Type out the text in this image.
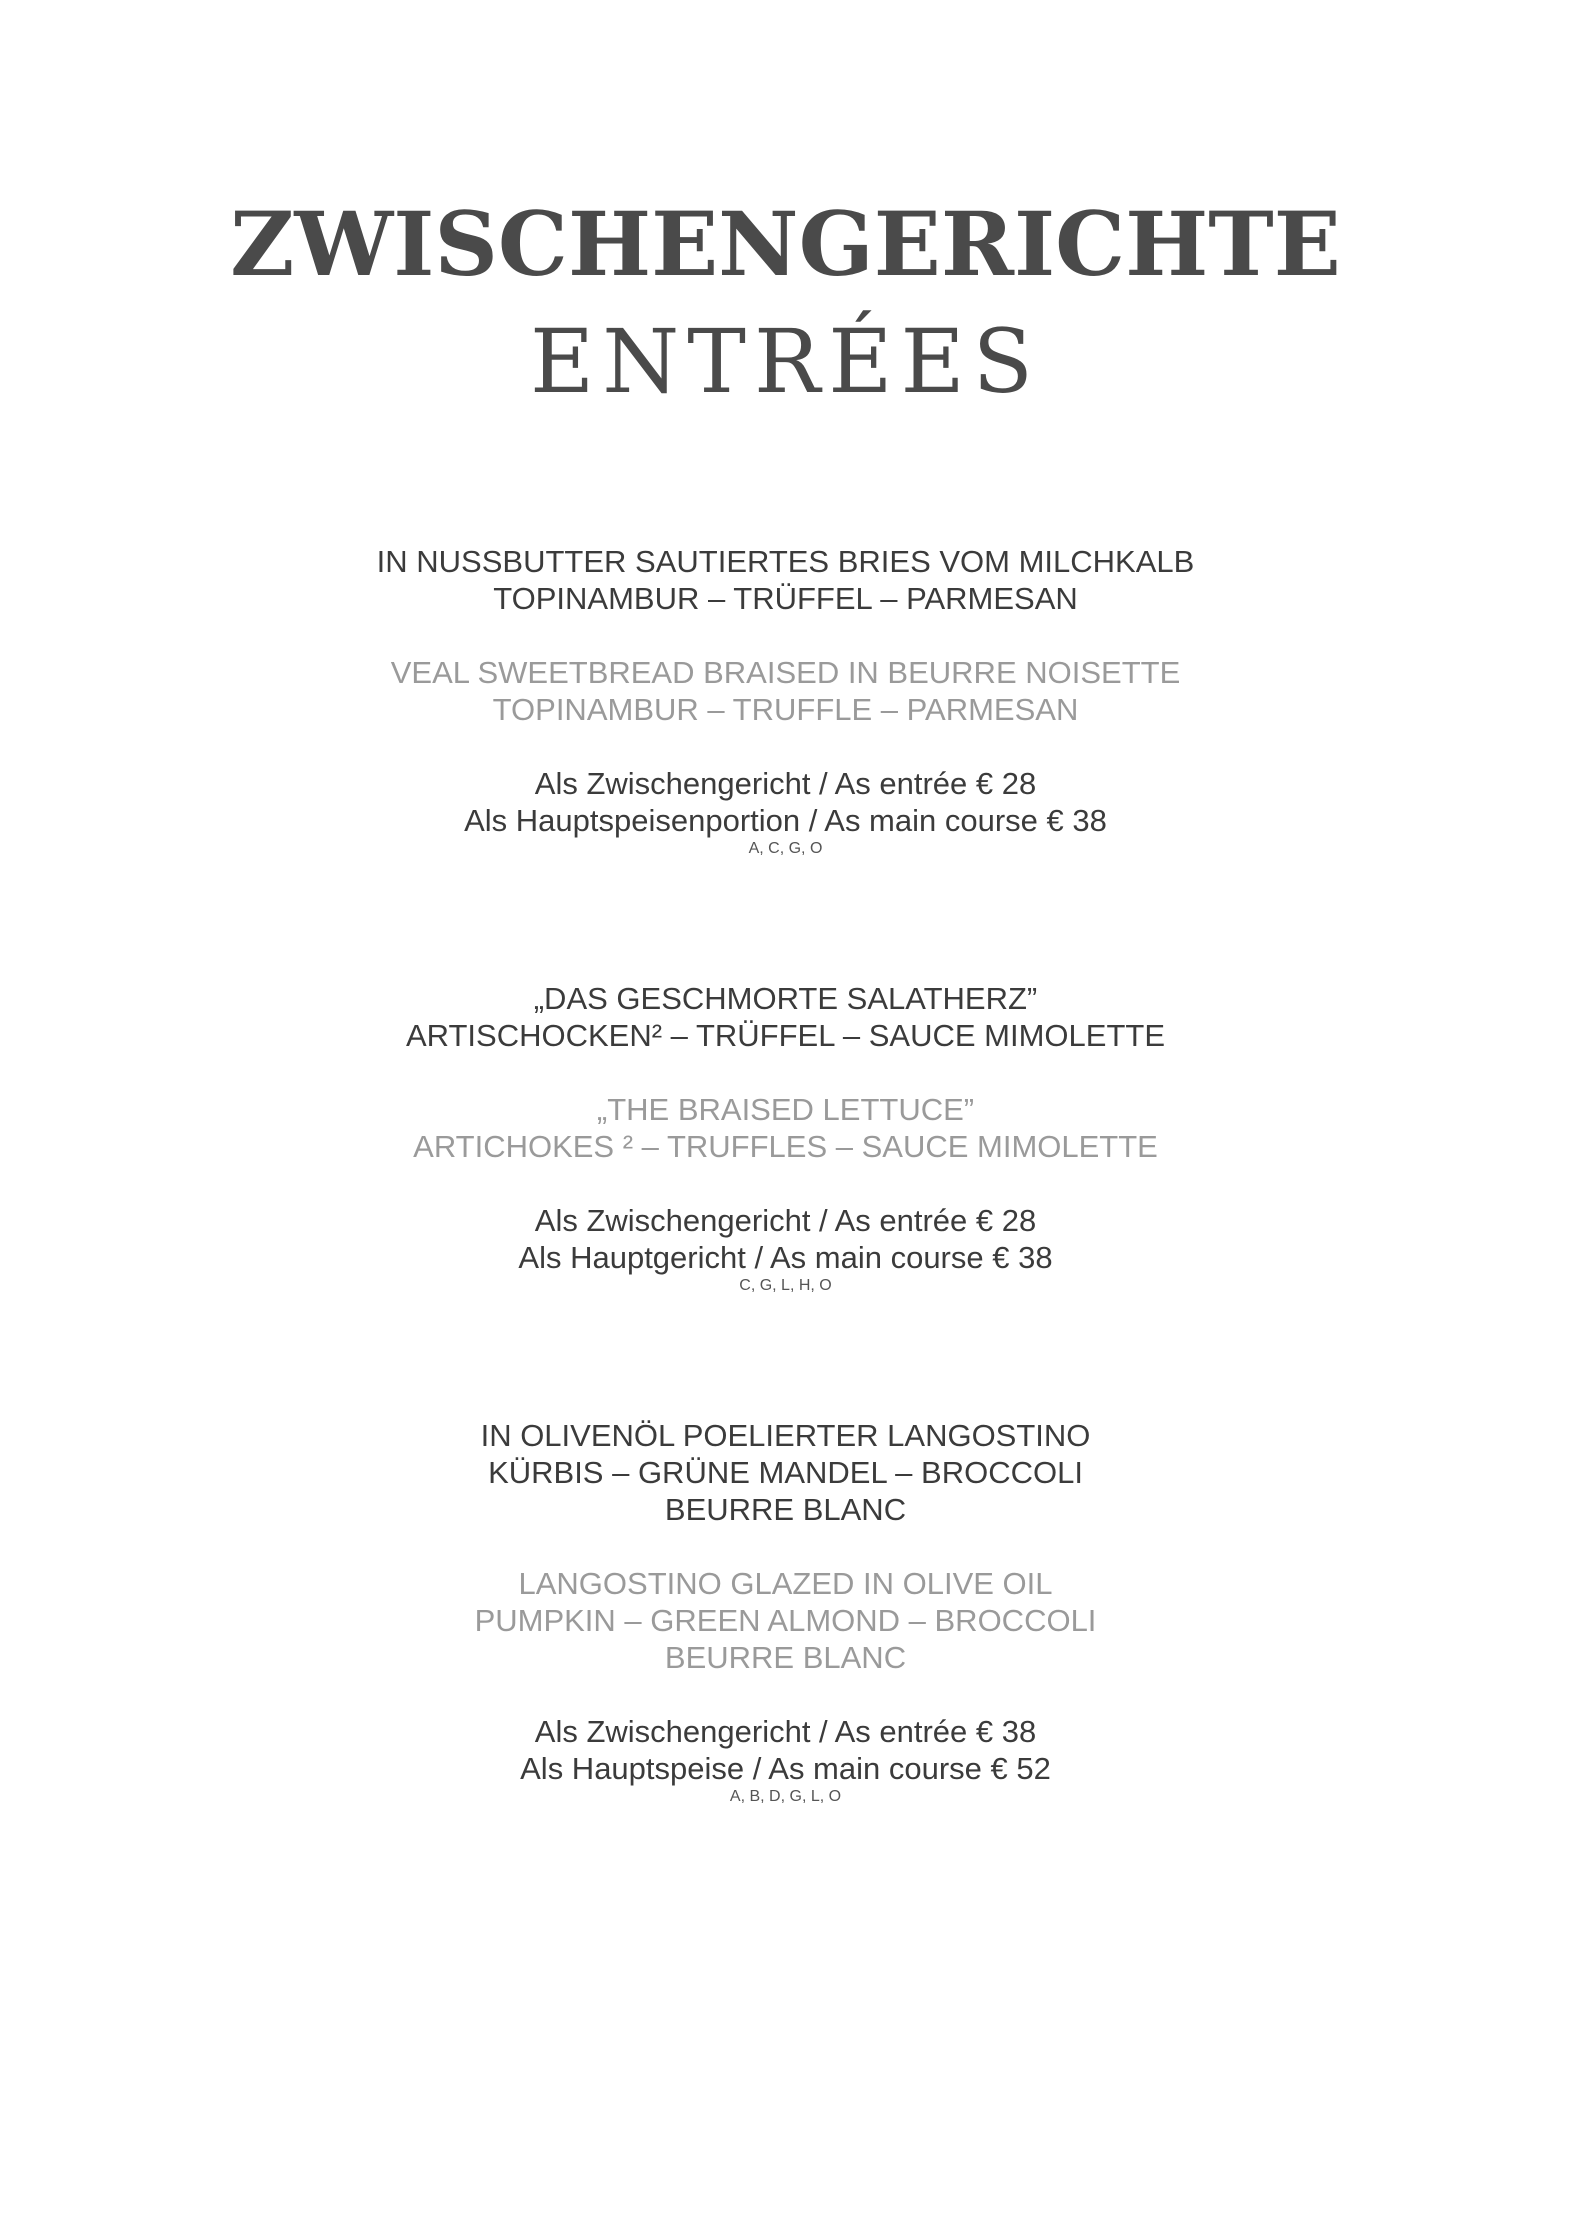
ZWISCHENGERICHTE
ENTRÉES
IN NUSSBUTTER SAUTIERTES BRIES VOM MILCHKALB
TOPINAMBUR – TRÜFFEL – PARMESAN
VEAL SWEETBREAD BRAISED IN BEURRE NOISETTE
TOPINAMBUR – TRUFFLE – PARMESAN
Als Zwischengericht / As entrée € 28
Als Hauptspeisenportion / As main course € 38
A, C, G, O
„DAS GESCHMORTE SALATHERZ”
ARTISCHOCKEN² – TRÜFFEL – SAUCE MIMOLETTE
„THE BRAISED LETTUCE”
ARTICHOKES ² – TRUFFLES – SAUCE MIMOLETTE
Als Zwischengericht / As entrée € 28
Als Hauptgericht / As main course € 38
C, G, L, H, O
IN OLIVENÖL POELIERTER LANGOSTINO
KÜRBIS – GRÜNE MANDEL – BROCCOLI
BEURRE BLANC
LANGOSTINO GLAZED IN OLIVE OIL
PUMPKIN – GREEN ALMOND – BROCCOLI
BEURRE BLANC
Als Zwischengericht / As entrée € 38
Als Hauptspeise / As main course € 52
A, B, D, G, L, O
